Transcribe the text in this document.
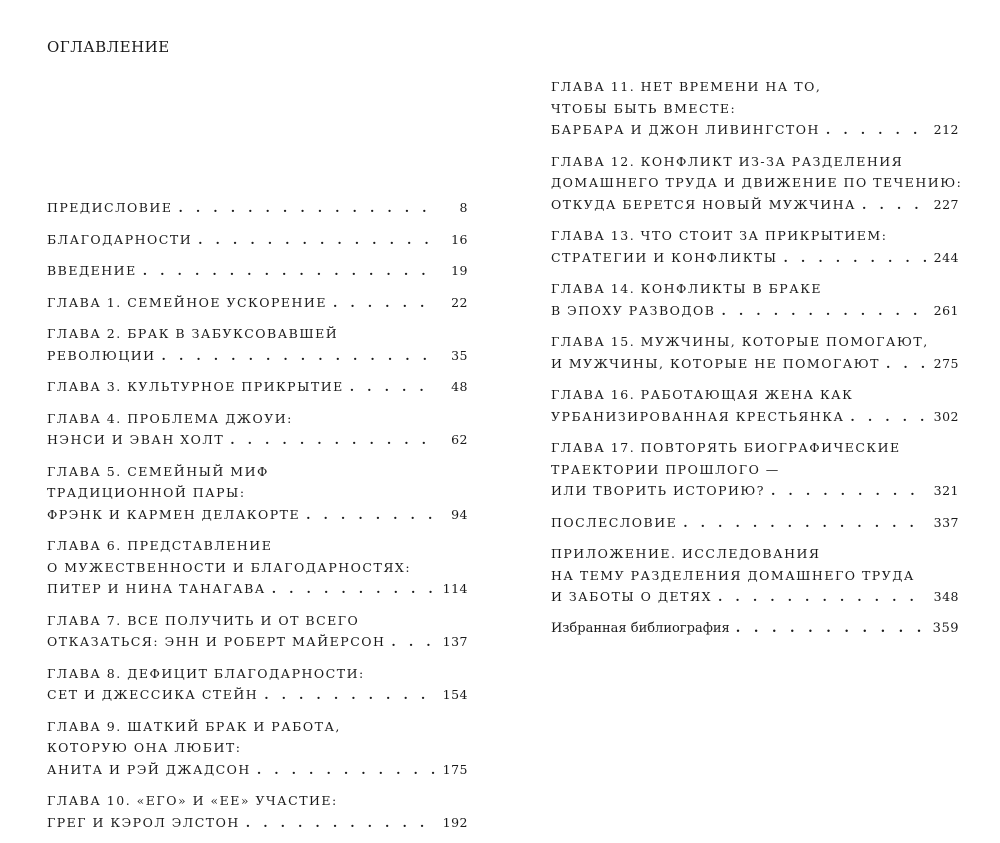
ОГЛАВЛЕНИЕ
ПРЕДИСЛОВИЕ . .	8
БЛАГОДАРНОСТИ . .	16
ВВЕДЕНИЕ . .	19
ГЛАВА 1. СЕМЕЙНОЕ УСКОРЕНИЕ . .	22
ГЛАВА 2. БРАК В ЗАБУКСОВАВШЕЙ
РЕВОЛЮЦИИ . .	35
ГЛАВА 3. КУЛЬТУРНОЕ ПРИКРЫТИЕ . .	48
ГЛАВА 4. ПРОБЛЕМА ДЖОУИ:
НЭНСИ И ЭВАН ХОЛТ . .	62
ГЛАВА 5. СЕМЕЙНЫЙ МИФ
ТРАДИЦИОННОЙ ПАРЫ:
ФРЭНК И КАРМЕН ДЕЛАКОРТЕ . .	94
ГЛАВА 6. ПРЕДСТАВЛЕНИЕ
О МУЖЕСТВЕННОСТИ И БЛАГОДАРНОСТЯХ:
ПИТЕР И НИНА ТАНАГАВА . .	114
ГЛАВА 7. ВСЕ ПОЛУЧИТЬ И ОТ ВСЕГО
ОТКАЗАТЬСЯ: ЭНН И РОБЕРТ МАЙЕРСОН . .	137
ГЛАВА 8. ДЕФИЦИТ БЛАГОДАРНОСТИ:
СЕТ И ДЖЕССИКА СТЕЙН . .	154
ГЛАВА 9. ШАТКИЙ БРАК И РАБОТА,
КОТОРУЮ ОНА ЛЮБИТ:
АНИТА И РЭЙ ДЖАДСОН . .	175
ГЛАВА 10. «ЕГО» И «ЕЕ» УЧАСТИЕ:
ГРЕГ И КЭРОЛ ЭЛСТОН . .	192
ГЛАВА 11. НЕТ ВРЕМЕНИ НА ТО,
ЧТОБЫ БЫТЬ ВМЕСТЕ:
БАРБАРА И ДЖОН ЛИВИНГСТОН . .	212
ГЛАВА 12. КОНФЛИКТ ИЗ-ЗА РАЗДЕЛЕНИЯ
ДОМАШНЕГО ТРУДА И ДВИЖЕНИЕ ПО ТЕЧЕНИЮ:
ОТКУДА БЕРЕТСЯ НОВЫЙ МУЖЧИНА . .	227
ГЛАВА 13. ЧТО СТОИТ ЗА ПРИКРЫТИЕМ:
СТРАТЕГИИ И КОНФЛИКТЫ . .	244
ГЛАВА 14. КОНФЛИКТЫ В БРАКЕ
В ЭПОХУ РАЗВОДОВ . .	261
ГЛАВА 15. МУЖЧИНЫ, КОТОРЫЕ ПОМОГАЮТ,
И МУЖЧИНЫ, КОТОРЫЕ НЕ ПОМОГАЮТ . .	275
ГЛАВА 16. РАБОТАЮЩАЯ ЖЕНА КАК
УРБАНИЗИРОВАННАЯ КРЕСТЬЯНКА . .	302
ГЛАВА 17. ПОВТОРЯТЬ БИОГРАФИЧЕСКИЕ
ТРАЕКТОРИИ ПРОШЛОГО —
ИЛИ ТВОРИТЬ ИСТОРИЮ? . .	321
ПОСЛЕСЛОВИЕ . .	337
ПРИЛОЖЕНИЕ. ИССЛЕДОВАНИЯ
НА ТЕМУ РАЗДЕЛЕНИЯ ДОМАШНЕГО ТРУДА
И ЗАБОТЫ О ДЕТЯХ . .	348
Избранная библиография . .	359
